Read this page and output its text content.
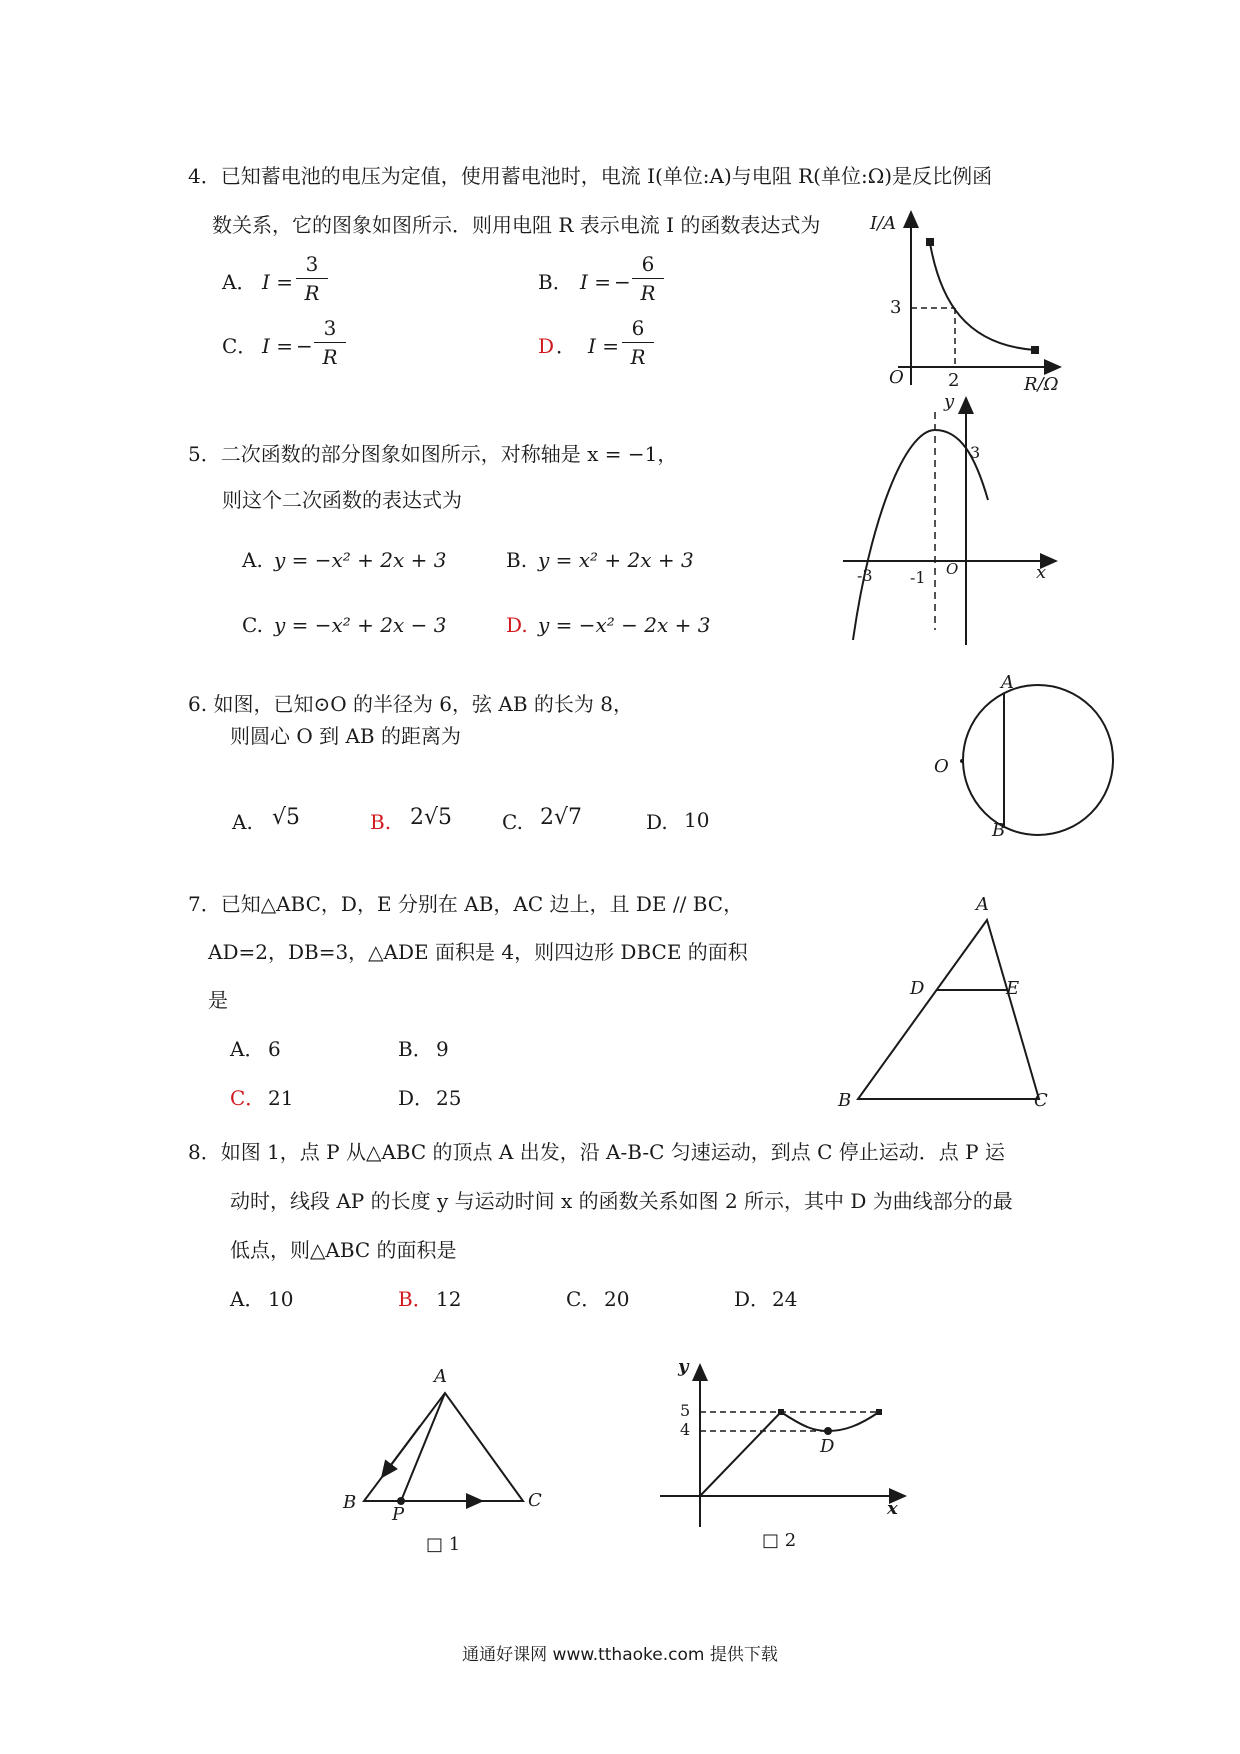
4．已知蓄电池的电压为定值，使用蓄电池时，电流 I(单位:A)与电阻 R(单位:Ω)是反比例函
数关系，它的图象如图所示．则用电阻 R 表示电流 I 的函数表达式为
A． I =
3
R	B． I = −
6
R
C． I = −
3
R	D ． I =
6
R
I/A
R/Ω
O
3
2
5．二次函数的部分图象如图所示，对称轴是 x = −1，
则这个二次函数的表达式为
A. y = −x² + 2x + 3	B. y = x² + 2x + 3
C. y = −x² + 2x − 3	D. y = −x² − 2x + 3
y
x
O
-3 -1
3
6. 如图，已知⊙O 的半径为 6，弦 AB 的长为 8，
则圆心 O 到 AB 的距离为
A. √5	B. 2√5 C. 2√7	D. 10
A
B
O
7．已知△ABC，D，E 分别在 AB，AC 边上，且 DE // BC，
AD=2，DB=3，△ADE 面积是 4，则四边形 DBCE 的面积
是
A． 6	B． 9
C． 21	D． 25
A
B	C
D	E
8．如图 1，点 P 从△ABC 的顶点 A 出发，沿 A-B-C 匀速运动，到点 C 停止运动．点 P 运
动时，线段 AP 的长度 y 与运动时间 x 的函数关系如图 2 所示，其中 D 为曲线部分的最
低点，则△ABC 的面积是
A． 10	B． 12	C． 20	D． 24
A
B	C
P
□ 1
y
x
5
4
D
□ 2
通通好课网 www.tthaoke.com 提供下载
